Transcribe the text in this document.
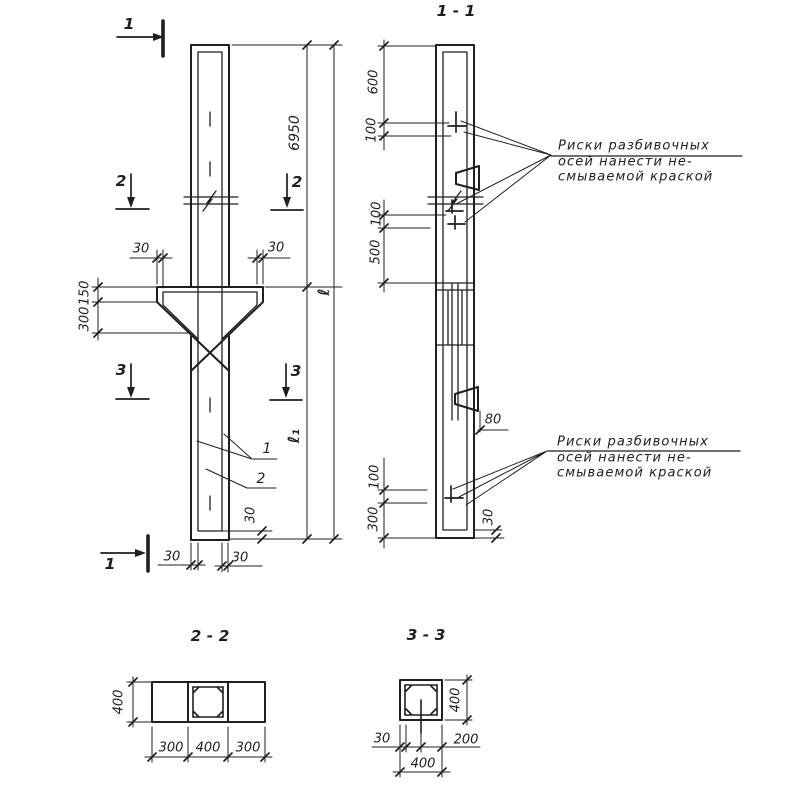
1
1
2	2
3	3
30	30
150
300
6950
ℓ
ℓ₁
30
30	30
1
2
1 - 1
600
100
100
500
100
300
80
30
Риски разбивочных
осей нанести не-
смываемой краской
Риски разбивочных
осей нанести не-
смываемой краской
2 - 2
400
300 400 300
3 - 3
400
30	200
400
